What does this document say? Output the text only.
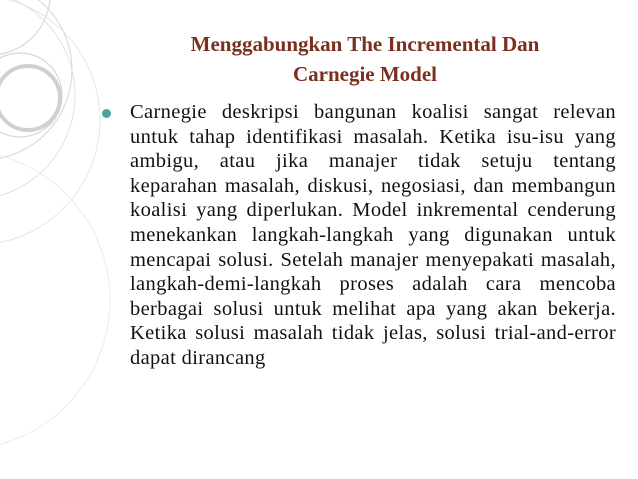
Menggabungkan The Incremental Dan
Carnegie Model
Carnegie deskripsi bangunan koalisi sangat relevan untuk tahap identifikasi masalah. Ketika isu-isu yang ambigu, atau jika manajer tidak setuju tentang keparahan masalah, diskusi, negosiasi, dan membangun koalisi yang diperlukan. Model inkremental cenderung menekankan langkah-langkah yang digunakan untuk mencapai solusi. Setelah manajer menyepakati masalah, langkah-demi-langkah proses adalah cara mencoba berbagai solusi untuk melihat apa yang akan bekerja. Ketika solusi masalah tidak jelas, solusi trial-and-error dapat dirancang
